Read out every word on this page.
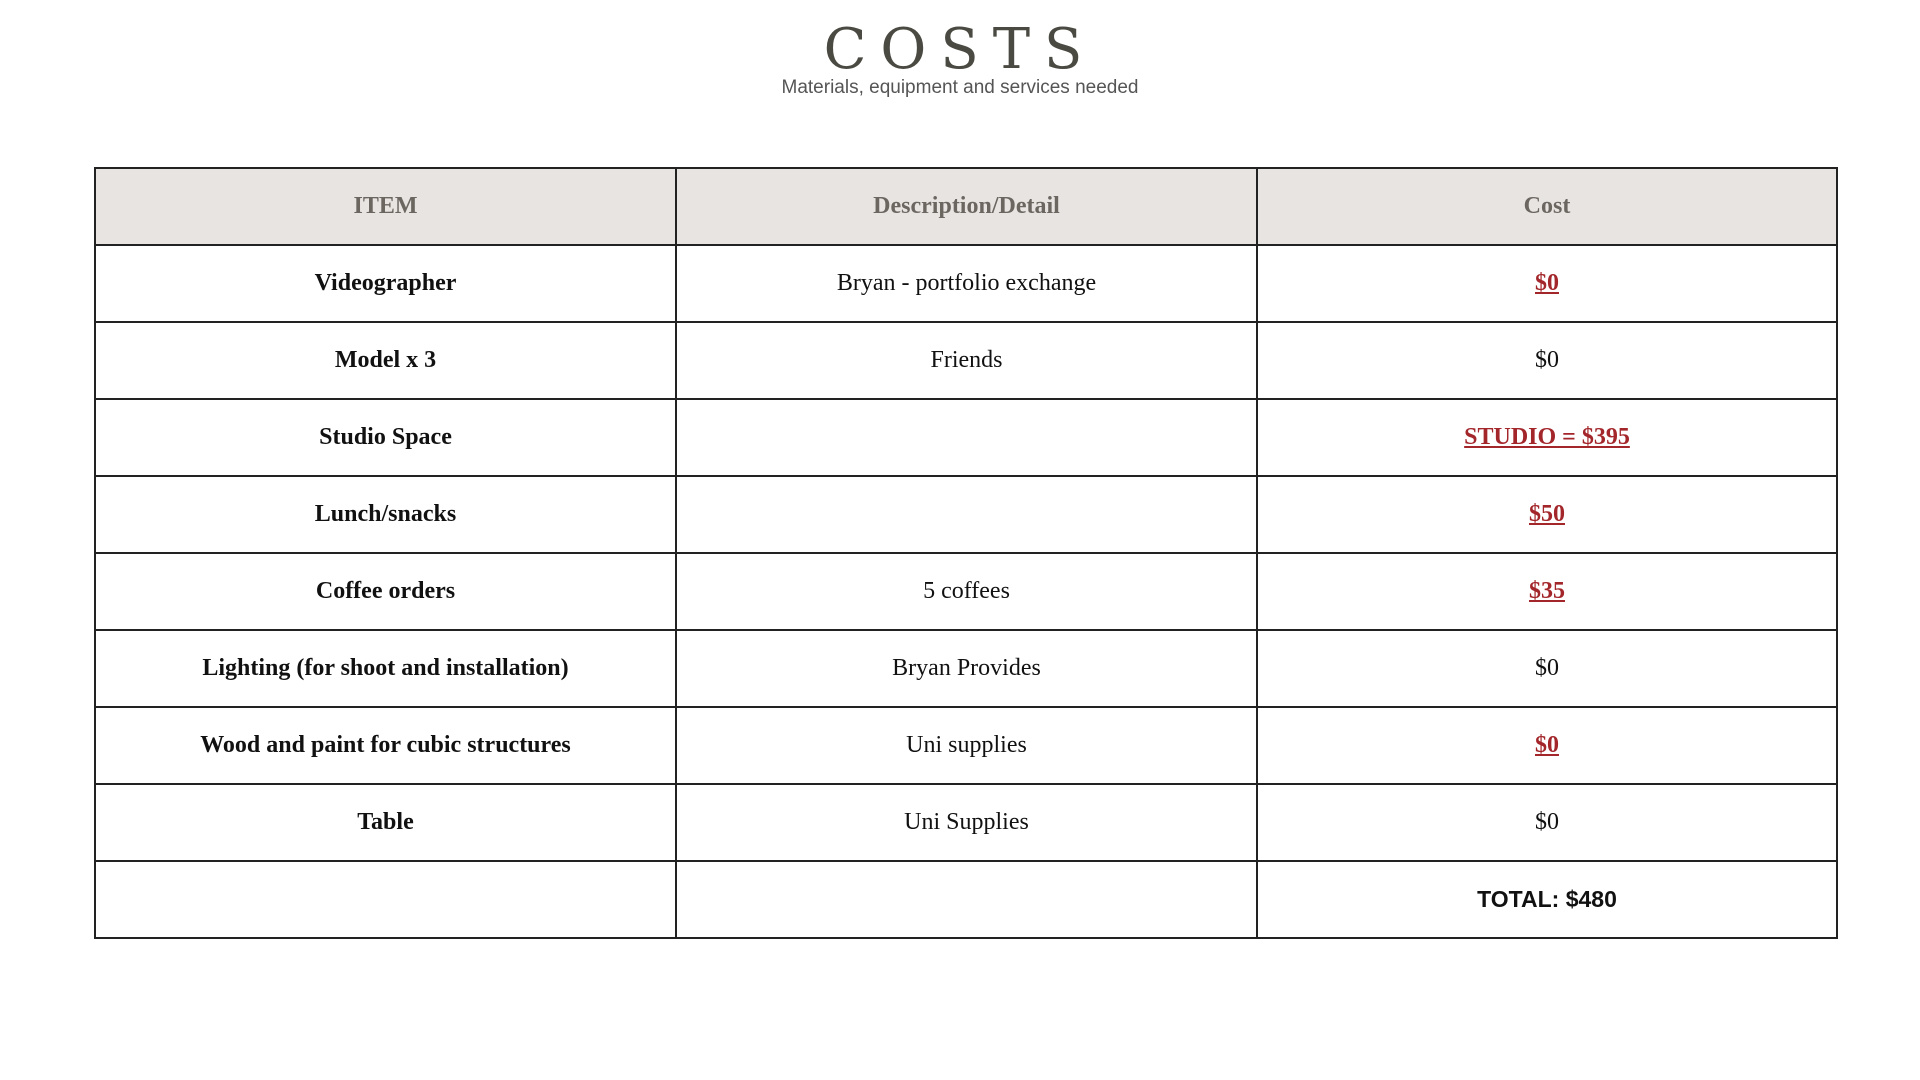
COSTS
Materials, equipment and services needed
ITEM	Description/Detail	Cost
Videographer	Bryan - portfolio exchange	$0
Model x 3	Friends	$0
Studio Space		STUDIO = $395
Lunch/snacks		$50
Coffee orders	5 coffees	$35
Lighting (for shoot and installation)	Bryan Provides	$0
Wood and paint for cubic structures	Uni supplies	$0
Table	Uni Supplies	$0
		TOTAL: $480
